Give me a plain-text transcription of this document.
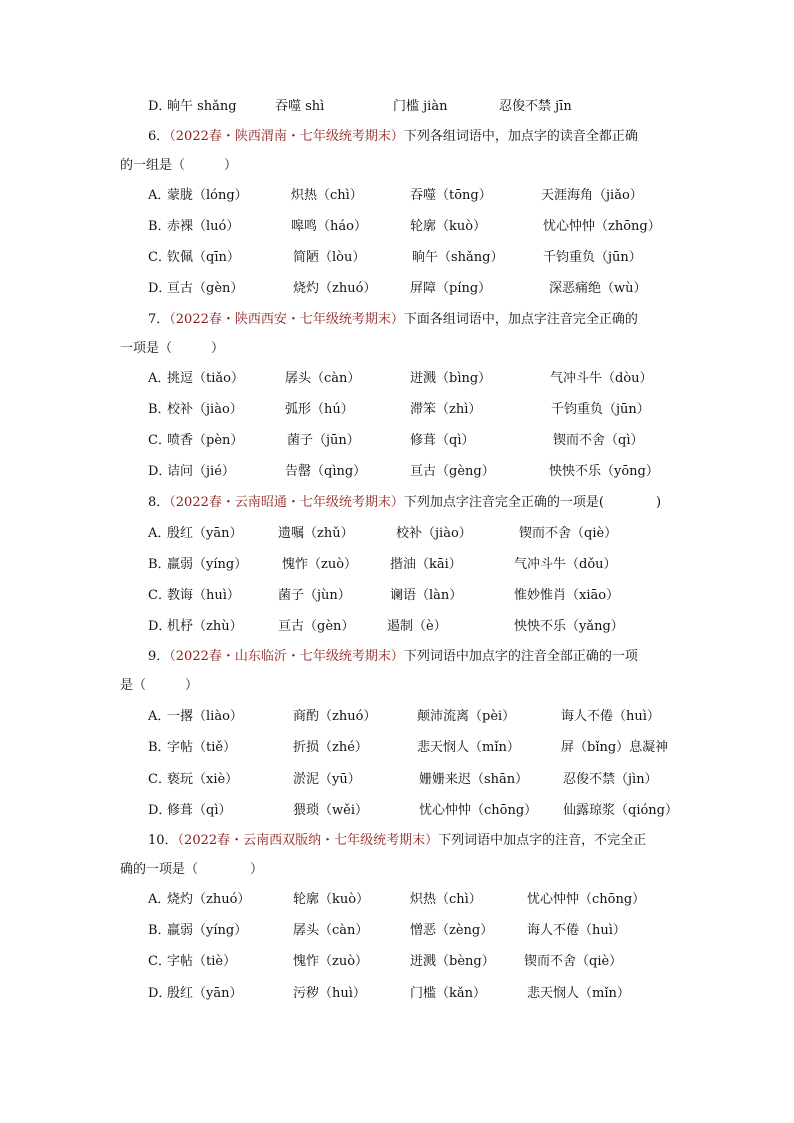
D．
晌午 shǎng	吞噬 shì	门槛 jiàn	忍俊不禁 jīn
6．（2022春・陕西渭南・七年级统考期末）下列各组词语中，加点字的读音全都正确
的一组是（　　　）
A．
蒙胧（lóng）	炽热（chì）	吞噬（tōng）	天涯海角（jiǎo）
B．
赤裸（luó）	嗥鸣（háo）	轮廓（kuò）	忧心忡忡（zhōng）
C．
钦佩（qīn）	简陋（lòu）	晌午（shǎng）	千钧重负（jūn）
D．
亘古（gèn）	烧灼（zhuó）	屏障（píng）	深恶痛绝（wù）
7．（2022春・陕西西安・七年级统考期末）下面各组词语中，加点字注音完全正确的
一项是（　　　）
A．
挑逗（tiǎo）	孱头（càn）	迸溅（bìng）	气冲斗牛（dòu）
B．
校补（jiào）	弧形（hú）	滞笨（zhì）	千钧重负（jūn）
C．
喷香（pèn）	菌子（jūn）	修葺（qì）	锲而不舍（qì）
D．
诘问（jié）	告罄（qìng）	亘古（gèng）	怏怏不乐（yōng）
8．（2022春・云南昭通・七年级统考期末）下列加点字注音完全正确的一项是(　　　　)
A．
殷红（yān）	遗嘱（zhǔ）	校补（jiào）	锲而不舍（qiè）
B．
羸弱（yíng）	愧怍（zuò）	揩油（kāi）	气冲斗牛（dǒu）
C．
教诲（huì）	菌子（jùn）	谰语（làn）	惟妙惟肖（xiāo）
D．
机杼（zhù）	亘古（gèn）	遏制（è）	怏怏不乐（yǎng）
9．（2022春・山东临沂・七年级统考期末）下列词语中加点字的注音全部正确的一项
是（　　　）
A．
一撂（liào）	商酌（zhuó）	颠沛流离（pèi）	诲人不倦（huì）
B．
字帖（tiě）	折损（zhé）	悲天悯人（mǐn）	屏（bǐng）息凝神
C．
亵玩（xiè）	淤泥（yū）	姗姗来迟（shān）	忍俊不禁（jìn）
D．
修葺（qì）	猥琐（wěi）	忧心忡忡（chōng） 仙露琼浆（qióng）
10．（2022春・云南西双版纳・七年级统考期末）下列词语中加点字的注音，不完全正
确的一项是（　　　　）
A．
烧灼（zhuó）	轮廓（kuò）	炽热（chì）	忧心忡忡（chōng）
B．
羸弱（yíng）	孱头（càn）	憎恶（zèng）	诲人不倦（huì）
C．
字帖（tiè）	愧怍（zuò）	迸溅（bèng） 锲而不舍（qiè）
D．
殷红（yān）	污秽（huì）	门槛（kǎn）	悲天悯人（mǐn）
